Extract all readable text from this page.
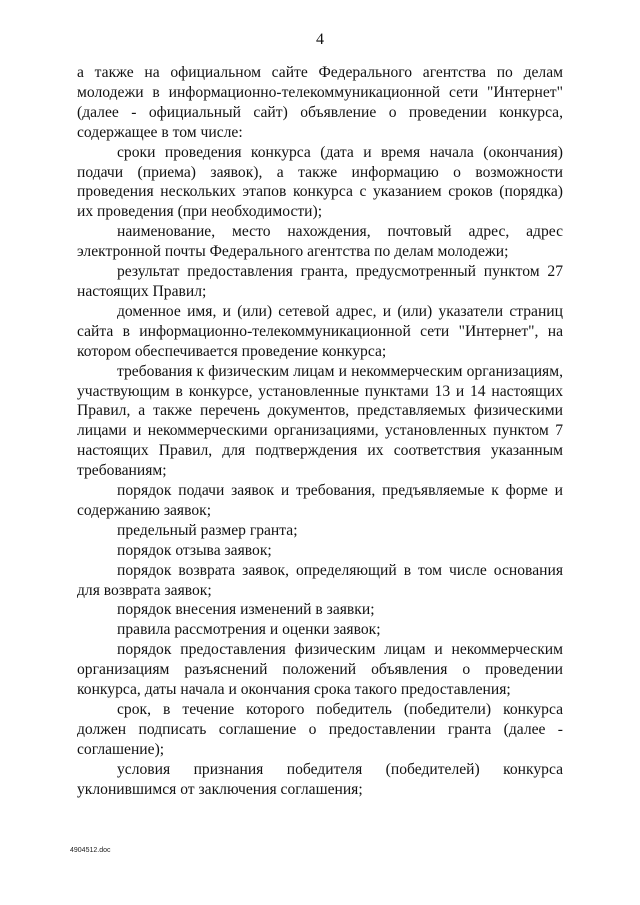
4

а также на официальном сайте Федерального агентства по делам молодежи в информационно-телекоммуникационной сети "Интернет" (далее - официальный сайт) объявление о проведении конкурса, содержащее в том числе:

сроки проведения конкурса (дата и время начала (окончания) подачи (приема) заявок), а также информацию о возможности проведения нескольких этапов конкурса с указанием сроков (порядка) их проведения (при необходимости);

наименование, место нахождения, почтовый адрес, адрес электронной почты Федерального агентства по делам молодежи;

результат предоставления гранта, предусмотренный пунктом 27 настоящих Правил;

доменное имя, и (или) сетевой адрес, и (или) указатели страниц сайта в информационно-телекоммуникационной сети "Интернет", на котором обеспечивается проведение конкурса;

требования к физическим лицам и некоммерческим организациям, участвующим в конкурсе, установленные пунктами 13 и 14 настоящих Правил, а также перечень документов, представляемых физическими лицами и некоммерческими организациями, установленных пунктом 7 настоящих Правил, для подтверждения их соответствия указанным требованиям;

порядок подачи заявок и требования, предъявляемые к форме и содержанию заявок;

предельный размер гранта;

порядок отзыва заявок;

порядок возврата заявок, определяющий в том числе основания для возврата заявок;

порядок внесения изменений в заявки;

правила рассмотрения и оценки заявок;

порядок предоставления физическим лицам и некоммерческим организациям разъяснений положений объявления о проведении конкурса, даты начала и окончания срока такого предоставления;

срок, в течение которого победитель (победители) конкурса должен подписать соглашение о предоставлении гранта (далее - соглашение);

условия признания победителя (победителей) конкурса уклонившимся от заключения соглашения;

4904512.doc
